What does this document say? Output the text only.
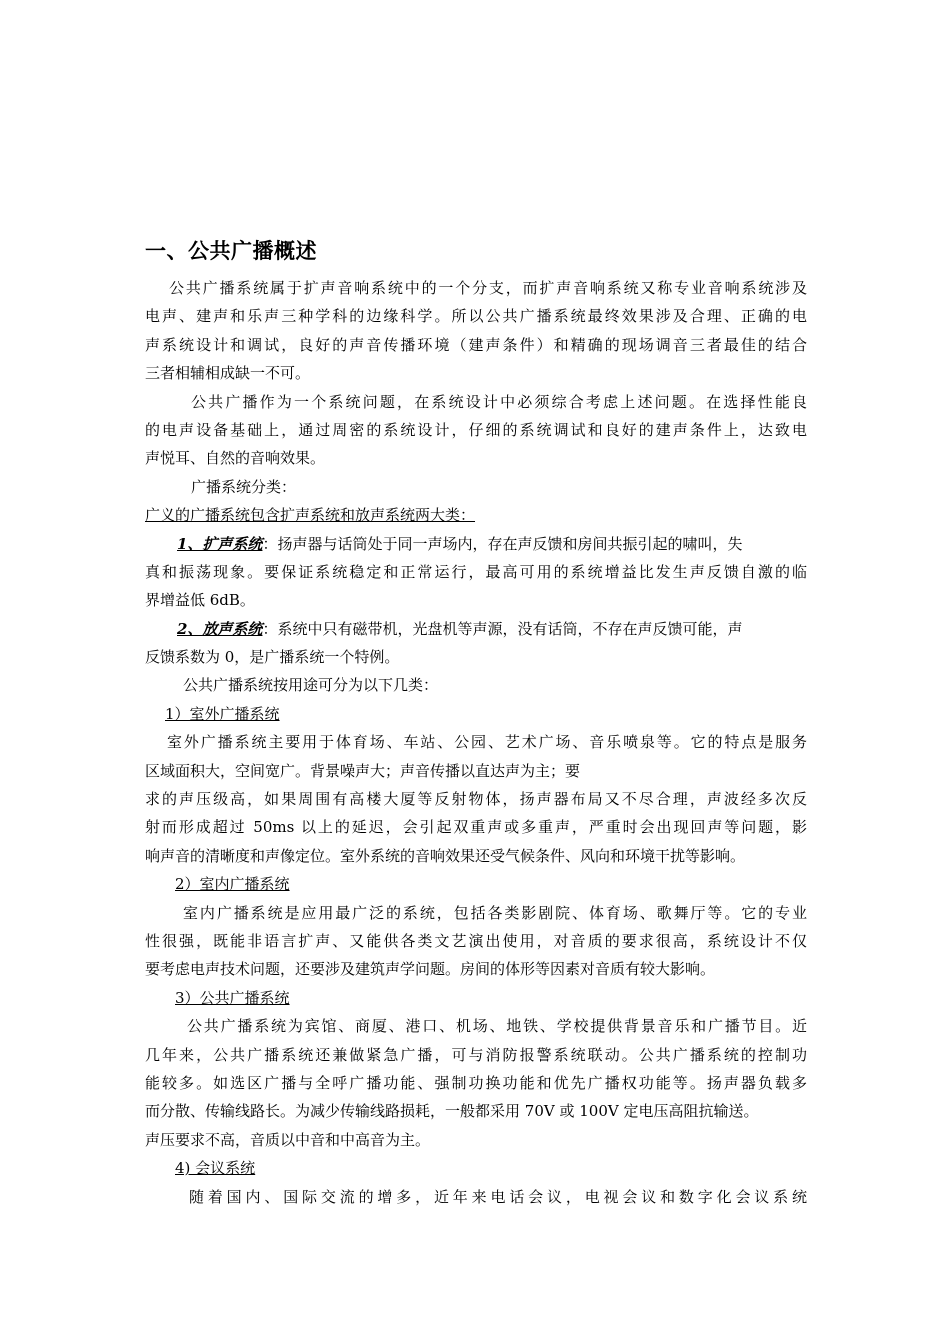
一、公共广播概述
公共广播系统属于扩声音响系统中的一个分支，而扩声音响系统又称专业音响系统涉及
电声、建声和乐声三种学科的边缘科学。所以公共广播系统最终效果涉及合理、正确的电
声系统设计和调试，良好的声音传播环境（建声条件）和精确的现场调音三者最佳的结合
三者相辅相成缺一不可。
公共广播作为一个系统问题，在系统设计中必须综合考虑上述问题。在选择性能良
的电声设备基础上，通过周密的系统设计，仔细的系统调试和良好的建声条件上，达致电
声悦耳、自然的音响效果。
广播系统分类：
广义的广播系统包含扩声系统和放声系统两大类：
1、扩声系统：扬声器与话筒处于同一声场内，存在声反馈和房间共振引起的啸叫，失
真和振荡现象。要保证系统稳定和正常运行，最高可用的系统增益比发生声反馈自激的临
界增益低 6dB。
2、放声系统：系统中只有磁带机，光盘机等声源，没有话筒，不存在声反馈可能，声
反馈系数为 0，是广播系统一个特例。
公共广播系统按用途可分为以下几类：
1）室外广播系统
室外广播系统主要用于体育场、车站、公园、艺术广场、音乐喷泉等。它的特点是服务
区域面积大，空间宽广。背景噪声大；声音传播以直达声为主；要
求的声压级高，如果周围有高楼大厦等反射物体，扬声器布局又不尽合理，声波经多次反
射而形成超过 50ms 以上的延迟，会引起双重声或多重声，严重时会出现回声等问题，影
响声音的清晰度和声像定位。室外系统的音响效果还受气候条件、风向和环境干扰等影响。
2）室内广播系统
室内广播系统是应用最广泛的系统，包括各类影剧院、体育场、歌舞厅等。它的专业
性很强，既能非语言扩声、又能供各类文艺演出使用，对音质的要求很高，系统设计不仅
要考虑电声技术问题，还要涉及建筑声学问题。房间的体形等因素对音质有较大影响。
3）公共广播系统
公共广播系统为宾馆、商厦、港口、机场、地铁、学校提供背景音乐和广播节目。近
几年来，公共广播系统还兼做紧急广播，可与消防报警系统联动。公共广播系统的控制功
能较多。如选区广播与全呼广播功能、强制功换功能和优先广播权功能等。扬声器负载多
而分散、传输线路长。为减少传输线路损耗，一般都采用 70V 或 100V 定电压高阻抗输送。
声压要求不高，音质以中音和中高音为主。
4) 会议系统
随着国内、国际交流的增多，近年来电话会议，电视会议和数字化会议系统
